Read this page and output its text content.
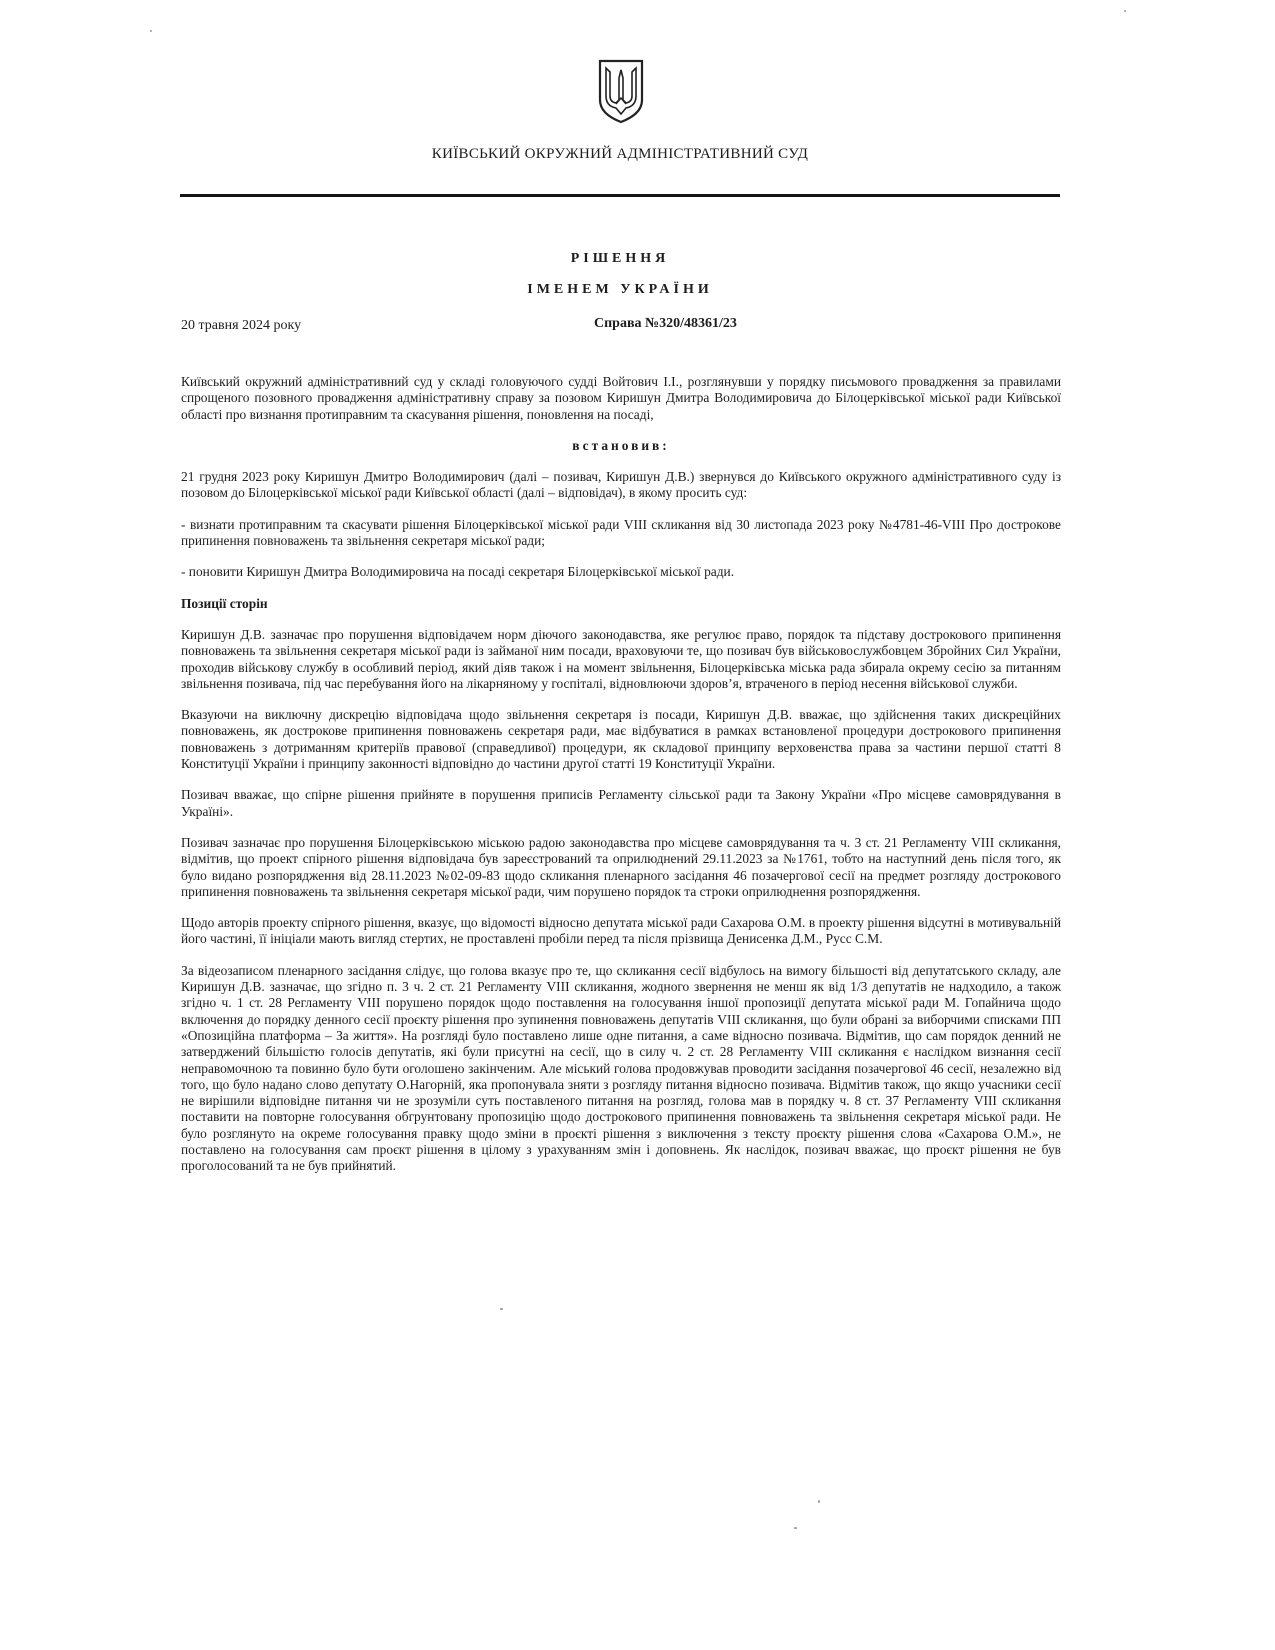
КИЇВСЬКИЙ ОКРУЖНИЙ АДМІНІСТРАТИВНИЙ СУД
РІШЕННЯ
ІМЕНЕМ УКРАЇНИ
20 травня 2024 року	Справа №320/48361/23

Київський окружний адміністративний суд у складі головуючого судді Войтович І.І., розглянувши у порядку письмового провадження за правилами спрощеного позовного провадження адміністративну справу за позовом Киришун Дмитра Володимировича до Білоцерківської міської ради Київської області про визнання протиправним та скасування рішення, поновлення на посаді,

встановив:

21 грудня 2023 року Киришун Дмитро Володимирович (далі – позивач, Киришун Д.В.) звернувся до Київського окружного адміністративного суду із позовом до Білоцерківської міської ради Київської області (далі – відповідач), в якому просить суд:

- визнати протиправним та скасувати рішення Білоцерківської міської ради VIII скликання від 30 листопада 2023 року №4781-46-VIII Про дострокове припинення повноважень та звільнення секретаря міської ради;

- поновити Киришун Дмитра Володимировича на посаді секретаря Білоцерківської міської ради.

Позиції сторін

Киришун Д.В. зазначає про порушення відповідачем норм діючого законодавства, яке регулює право, порядок та підставу дострокового припинення повноважень та звільнення секретаря міської ради із займаної ним посади, враховуючи те, що позивач був військовослужбовцем Збройних Сил України, проходив військову службу в особливий період, який діяв також і на момент звільнення, Білоцерківська міська рада збирала окрему сесію за питанням звільнення позивача, під час перебування його на лікарняному у госпіталі, відновлюючи здоров’я, втраченого в період несення військової служби.

Вказуючи на виключну дискрецію відповідача щодо звільнення секретаря із посади, Киришун Д.В. вважає, що здійснення таких дискреційних повноважень, як дострокове припинення повноважень секретаря ради, має відбуватися в рамках встановленої процедури дострокового припинення повноважень з дотриманням критеріїв правової (справедливої) процедури, як складової принципу верховенства права за частини першої статті 8 Конституції України і принципу законності відповідно до частини другої статті 19 Конституції України.

Позивач вважає, що спірне рішення прийняте в порушення приписів Регламенту сільської ради та Закону України «Про місцеве самоврядування в Україні».

Позивач зазначає про порушення Білоцерківською міською радою законодавства про місцеве самоврядування та ч. 3 ст. 21 Регламенту VIII скликання, відмітив, що проект спірного рішення відповідача був зареєстрований та оприлюднений 29.11.2023 за №1761, тобто на наступний день після того, як було видано розпорядження від 28.11.2023 №02-09-83 щодо скликання пленарного засідання 46 позачергової сесії на предмет розгляду дострокового припинення повноважень та звільнення секретаря міської ради, чим порушено порядок та строки оприлюднення розпорядження.

Щодо авторів проекту спірного рішення, вказує, що відомості відносно депутата міської ради Сахарова О.М. в проекту рішення відсутні в мотивувальній його частині, її ініціали мають вигляд стертих, не проставлені пробіли перед та після прізвища Денисенка Д.М., Русс С.М.

За відеозаписом пленарного засідання слідує, що голова вказує про те, що скликання сесії відбулось на вимогу більшості від депутатського складу, але Киришун Д.В. зазначає, що згідно п. 3 ч. 2 ст. 21 Регламенту VIII скликання, жодного звернення не менш як від 1/3 депутатів не надходило, а також згідно ч. 1 ст. 28 Регламенту VIII порушено порядок щодо поставлення на голосування іншої пропозиції депутата міської ради М. Гопайнича щодо включення до порядку денного сесії проєкту рішення про зупинення повноважень депутатів VIII скликання, що були обрані за виборчими списками ПП «Опозиційна платформа – За життя». На розгляді було поставлено лише одне питання, а саме відносно позивача. Відмітив, що сам порядок денний не затверджений більшістю голосів депутатів, які були присутні на сесії, що в силу ч. 2 ст. 28 Регламенту VIII скликання є наслідком визнання сесії неправомочною та повинно було бути оголошено закінченим. Але міський голова продовжував проводити засідання позачергової 46 сесії, незалежно від того, що було надано слово депутату О.Нагорній, яка пропонувала зняти з розгляду питання відносно позивача. Відмітив також, що якщо учасники сесії не вирішили відповідне питання чи не зрозуміли суть поставленого питання на розгляд, голова мав в порядку ч. 8 ст. 37 Регламенту VIII скликання поставити на повторне голосування обгрунтовану пропозицію щодо дострокового припинення повноважень та звільнення секретаря міської ради. Не було розглянуто на окреме голосування правку щодо зміни в проєкті рішення з виключення з тексту проєкту рішення слова «Сахарова О.М.», не поставлено на голосування сам проєкт рішення в цілому з урахуванням змін і доповнень. Як наслідок, позивач вважає, що проєкт рішення не був проголосований та не був прийнятий.
